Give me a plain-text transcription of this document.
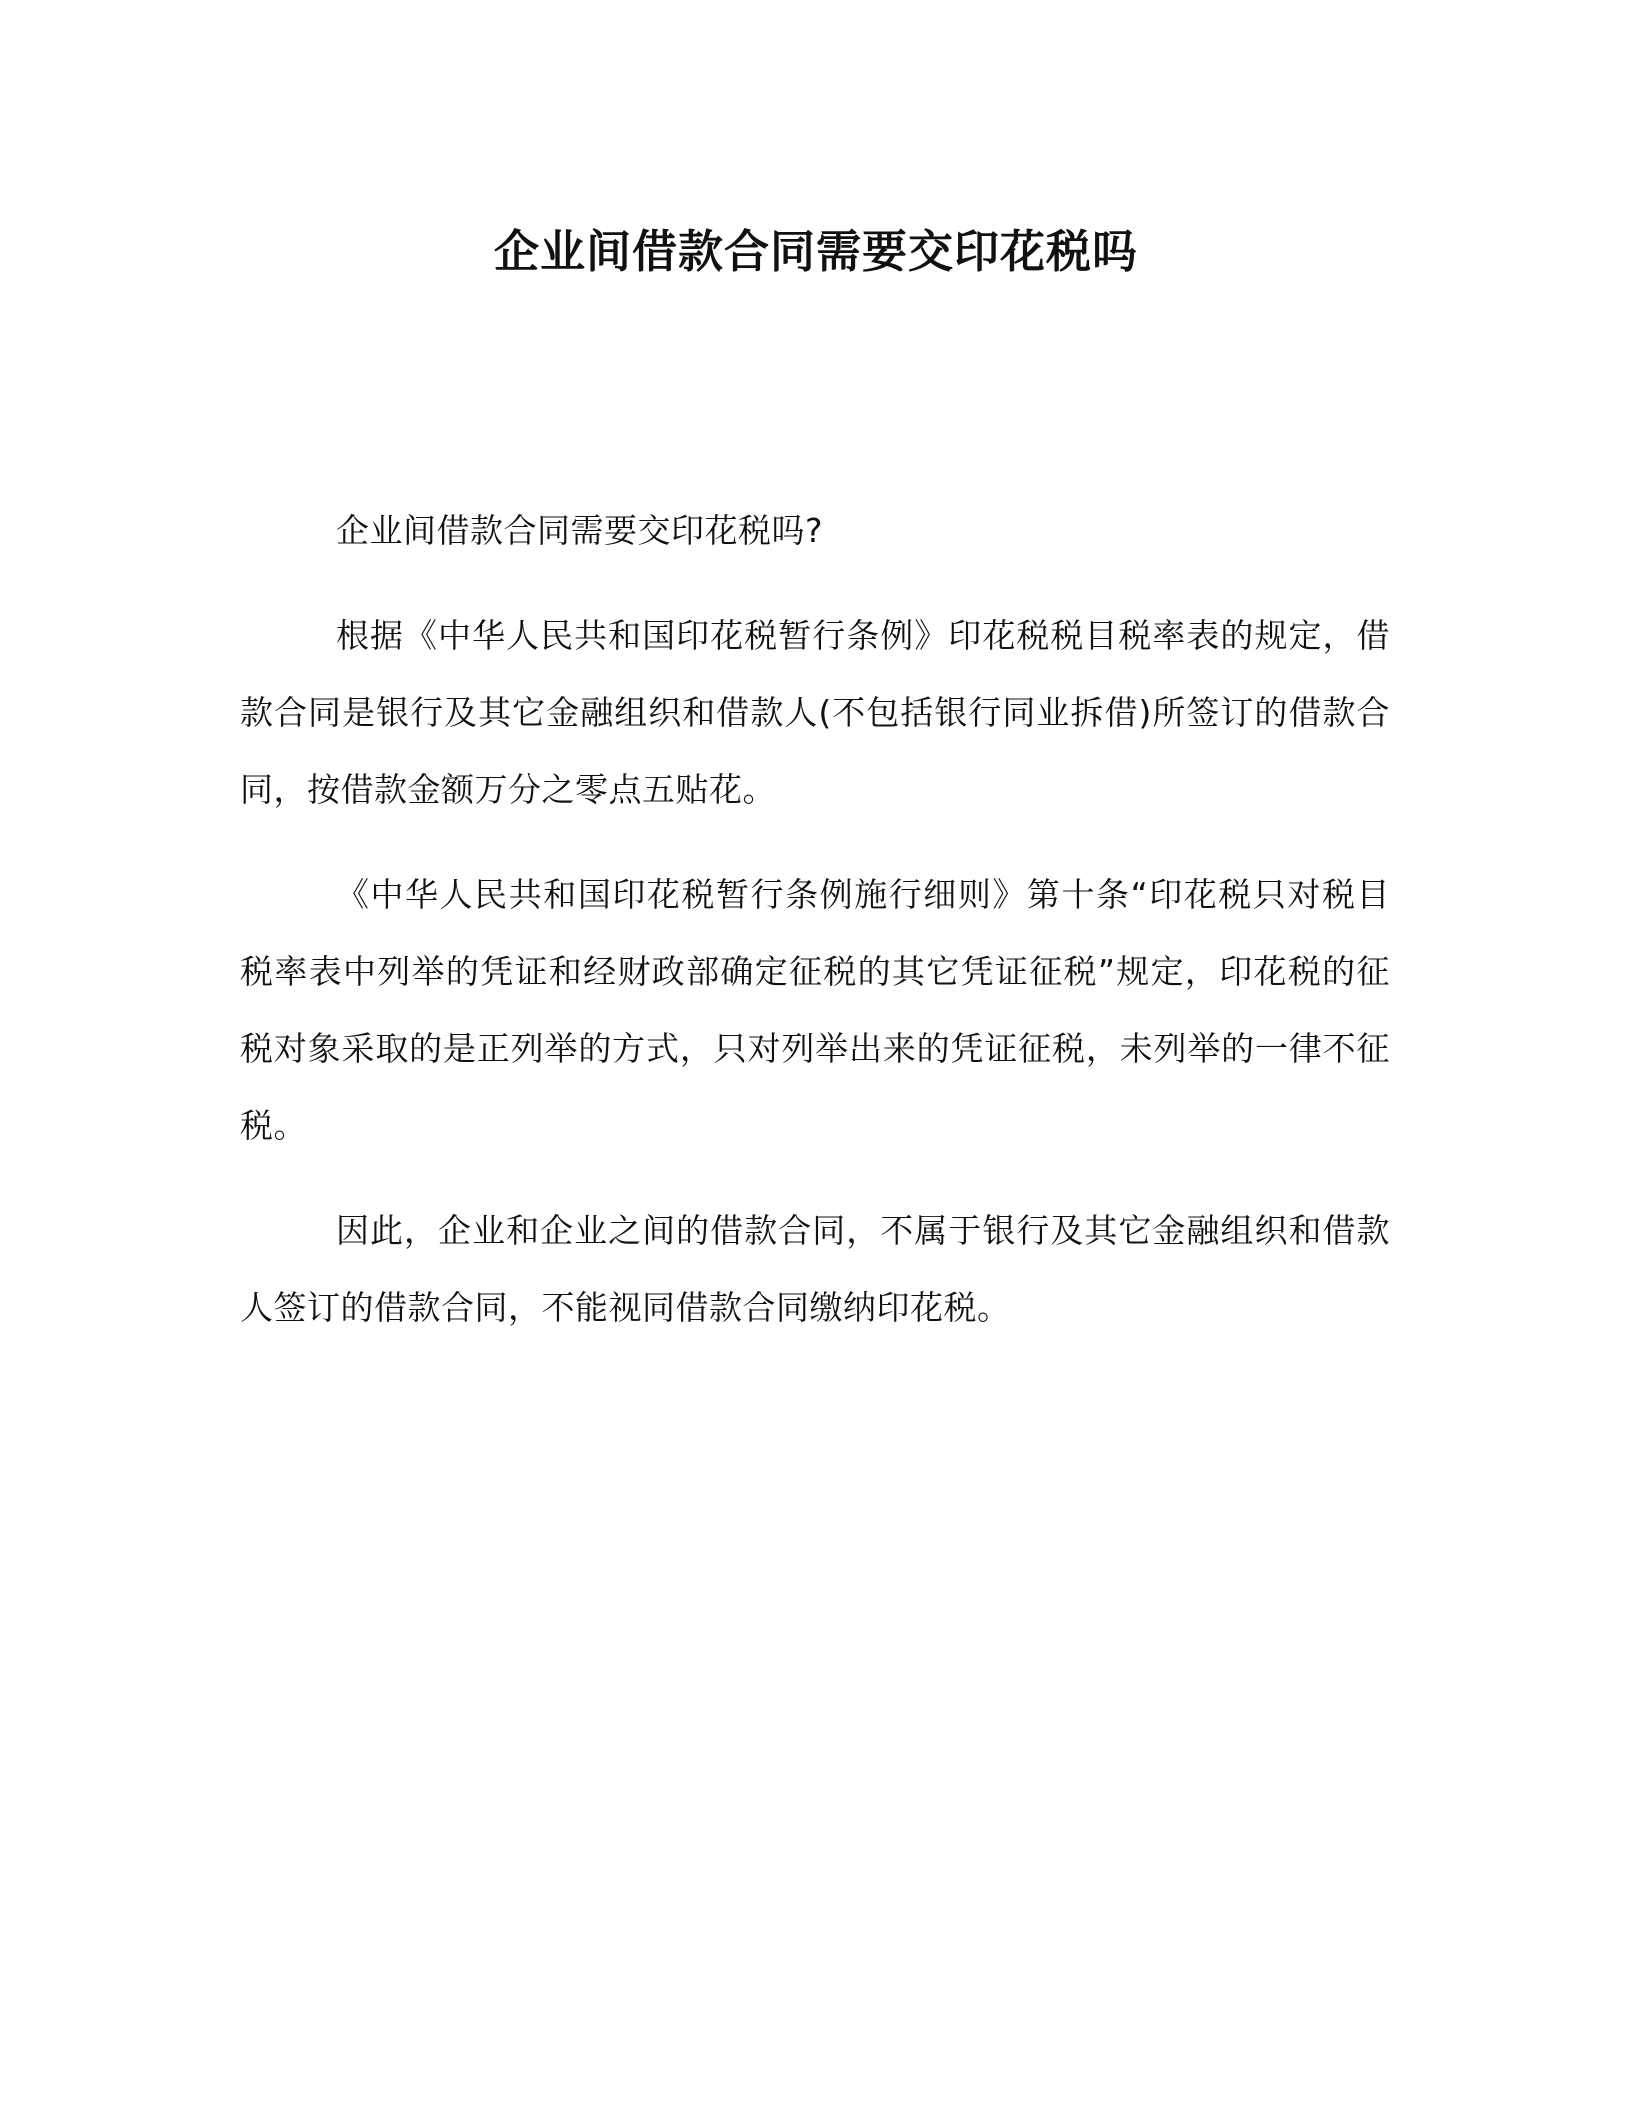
企业间借款合同需要交印花税吗

企业间借款合同需要交印花税吗?

根据《中华人民共和国印花税暂行条例》印花税税目税率表的规定，借款合同是银行及其它金融组织和借款人(不包括银行同业拆借)所签订的借款合同，按借款金额万分之零点五贴花。

《中华人民共和国印花税暂行条例施行细则》第十条“印花税只对税目税率表中列举的凭证和经财政部确定征税的其它凭证征税”规定，印花税的征税对象采取的是正列举的方式，只对列举出来的凭证征税，未列举的一律不征税。

因此，企业和企业之间的借款合同，不属于银行及其它金融组织和借款人签订的借款合同，不能视同借款合同缴纳印花税。
